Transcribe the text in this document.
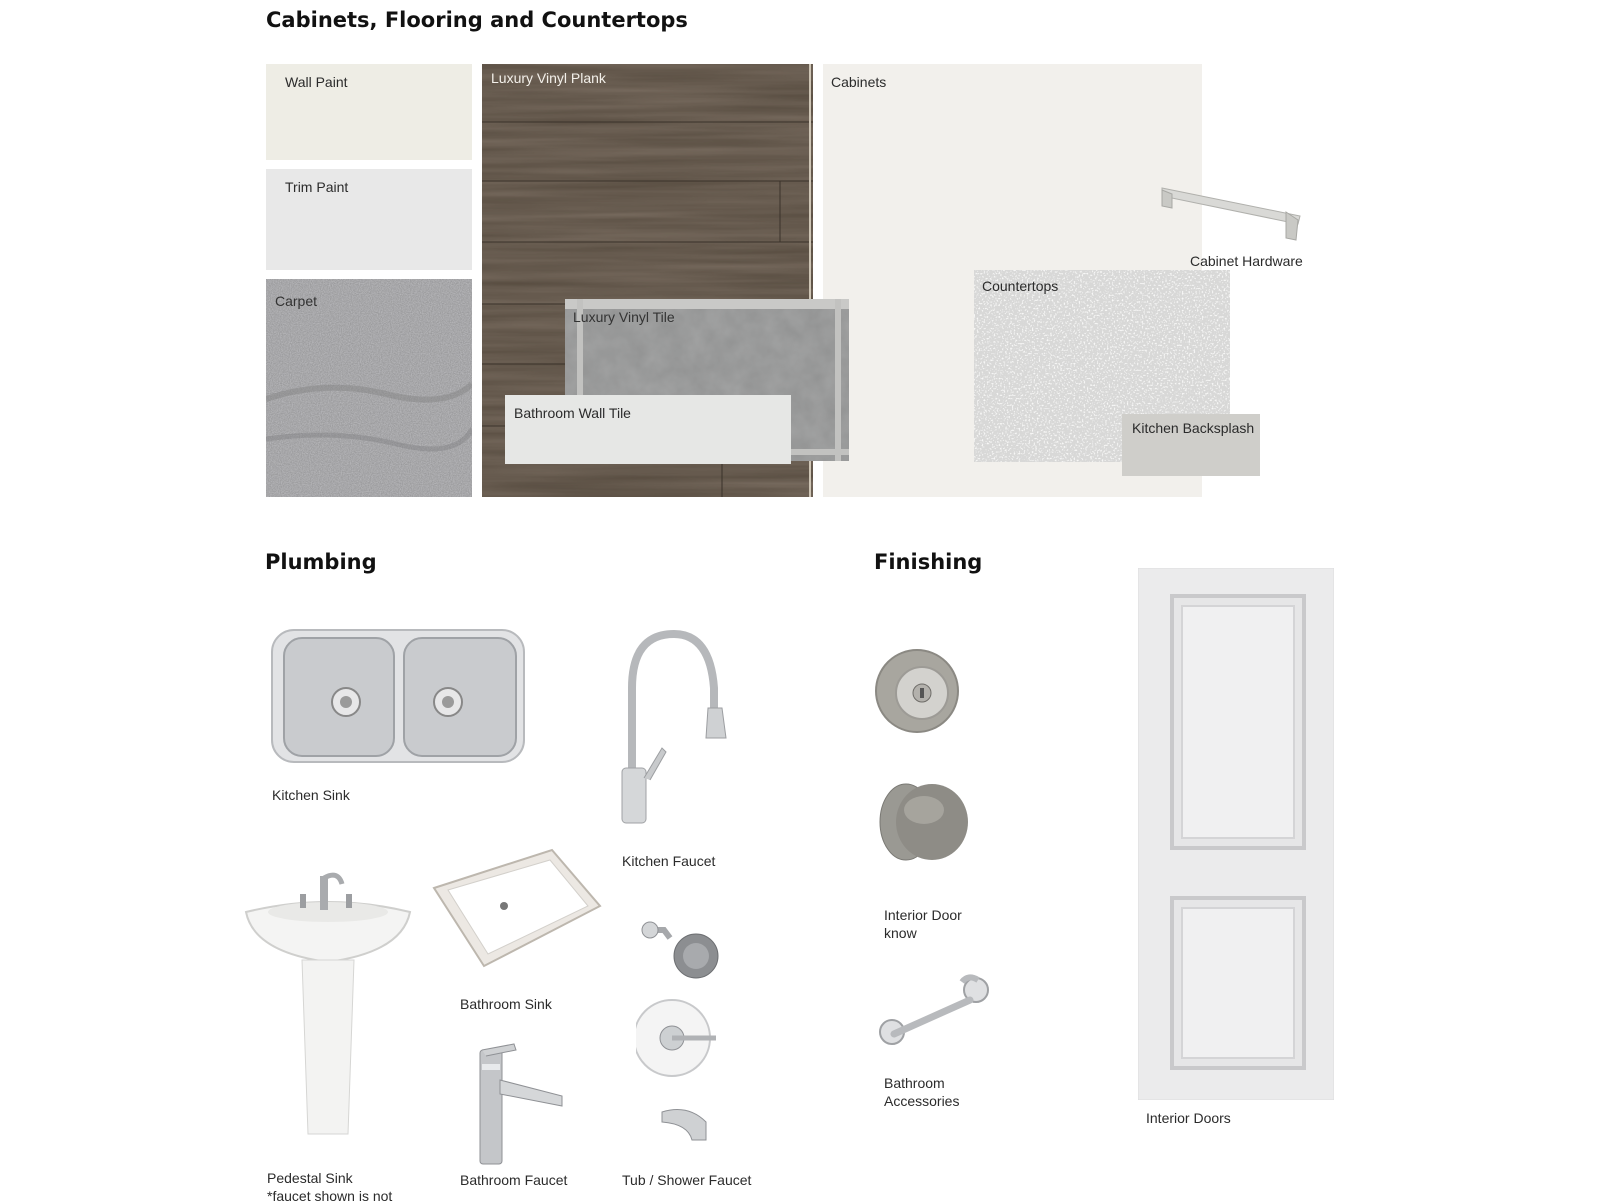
Cabinets, Flooring and Countertops
Wall Paint
Trim Paint
Carpet
Luxury Vinyl Plank	Cabinets
Cabinet Hardware
Countertops
Kitchen Backsplash
Luxury Vinyl Tile
Bathroom Wall Tile
Plumbing
Kitchen Sink
Kitchen Faucet
Bathroom Sink
Pedestal Sink
*faucet shown is not
Bathroom Faucet	Tub / Shower Faucet
Finishing
Interior Door
know
Bathroom
Accessories
Interior Doors
